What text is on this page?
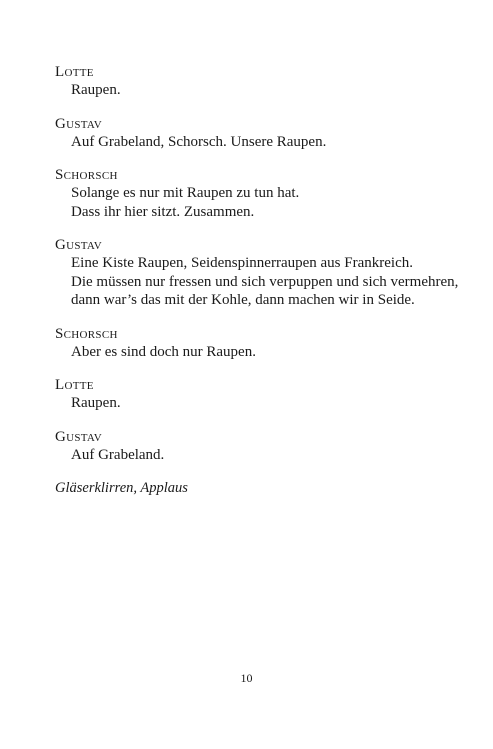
Lotte
Raupen.
Gustav
Auf Grabeland, Schorsch. Unsere Raupen.
Schorsch
Solange es nur mit Raupen zu tun hat.
Dass ihr hier sitzt. Zusammen.
Gustav
Eine Kiste Raupen, Seidenspinnerraupen aus Frankreich.
Die müssen nur fressen und sich verpuppen und sich vermehren,
dann war’s das mit der Kohle, dann machen wir in Seide.
Schorsch
Aber es sind doch nur Raupen.
Lotte
Raupen.
Gustav
Auf Grabeland.
Gläserklirren, Applaus
10
